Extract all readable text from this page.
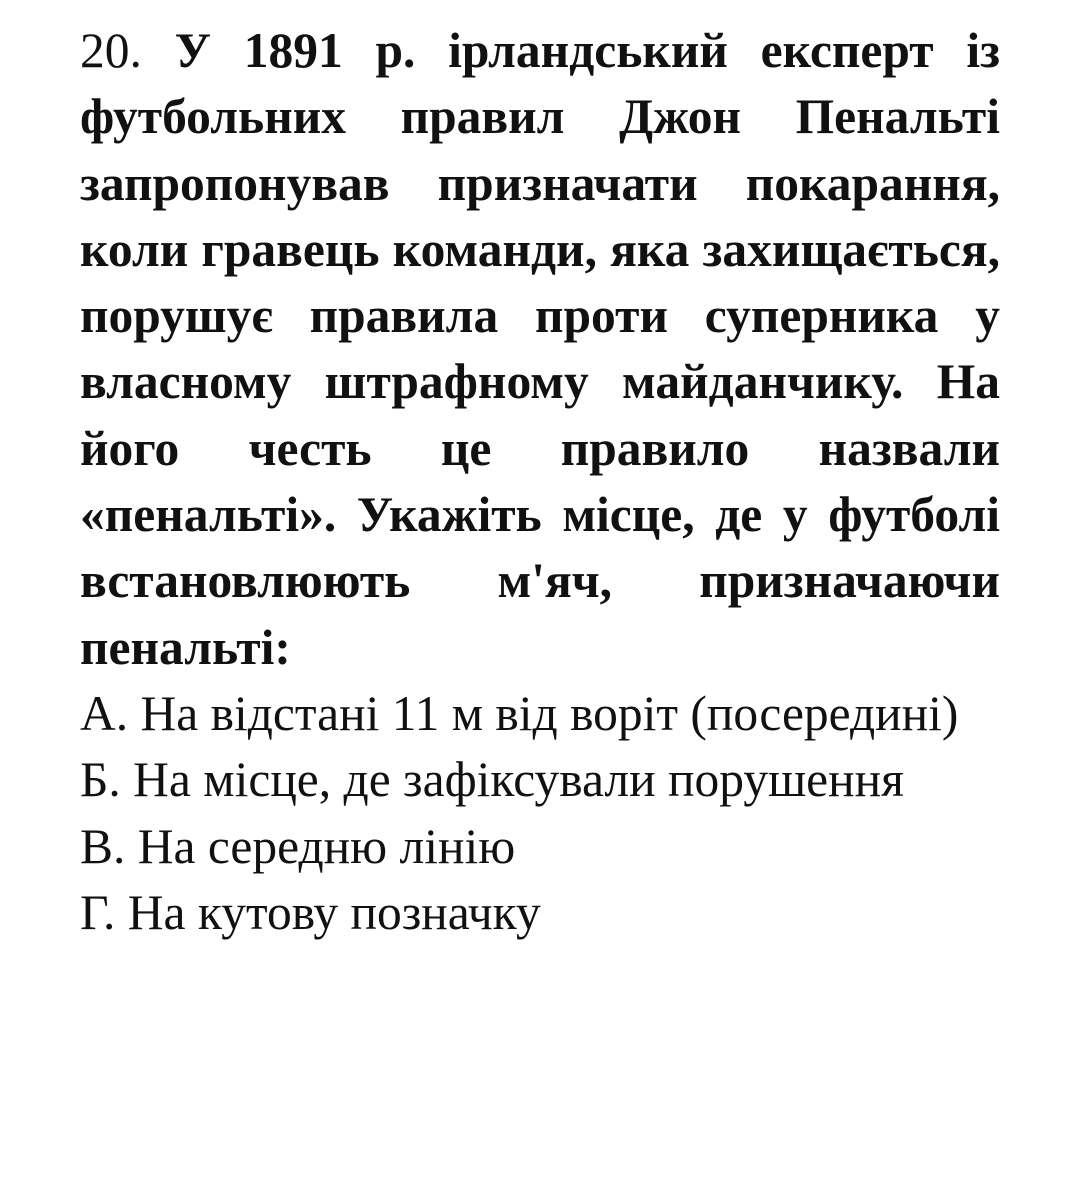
20. У 1891 р. ірландський експерт із футбольних правил Джон Пенальті запропонував призначати покарання, коли гравець команди, яка захищається, порушує правила проти суперника у власному штрафному майданчику. На його честь це правило назвали «пенальті». Укажіть місце, де у футболі встановлюють м'яч, призначаючи пенальті:

А. На відстані 11 м від воріт (посередині)
Б. На місце, де зафіксували порушення
В. На середню лінію
Г. На кутову позначку
